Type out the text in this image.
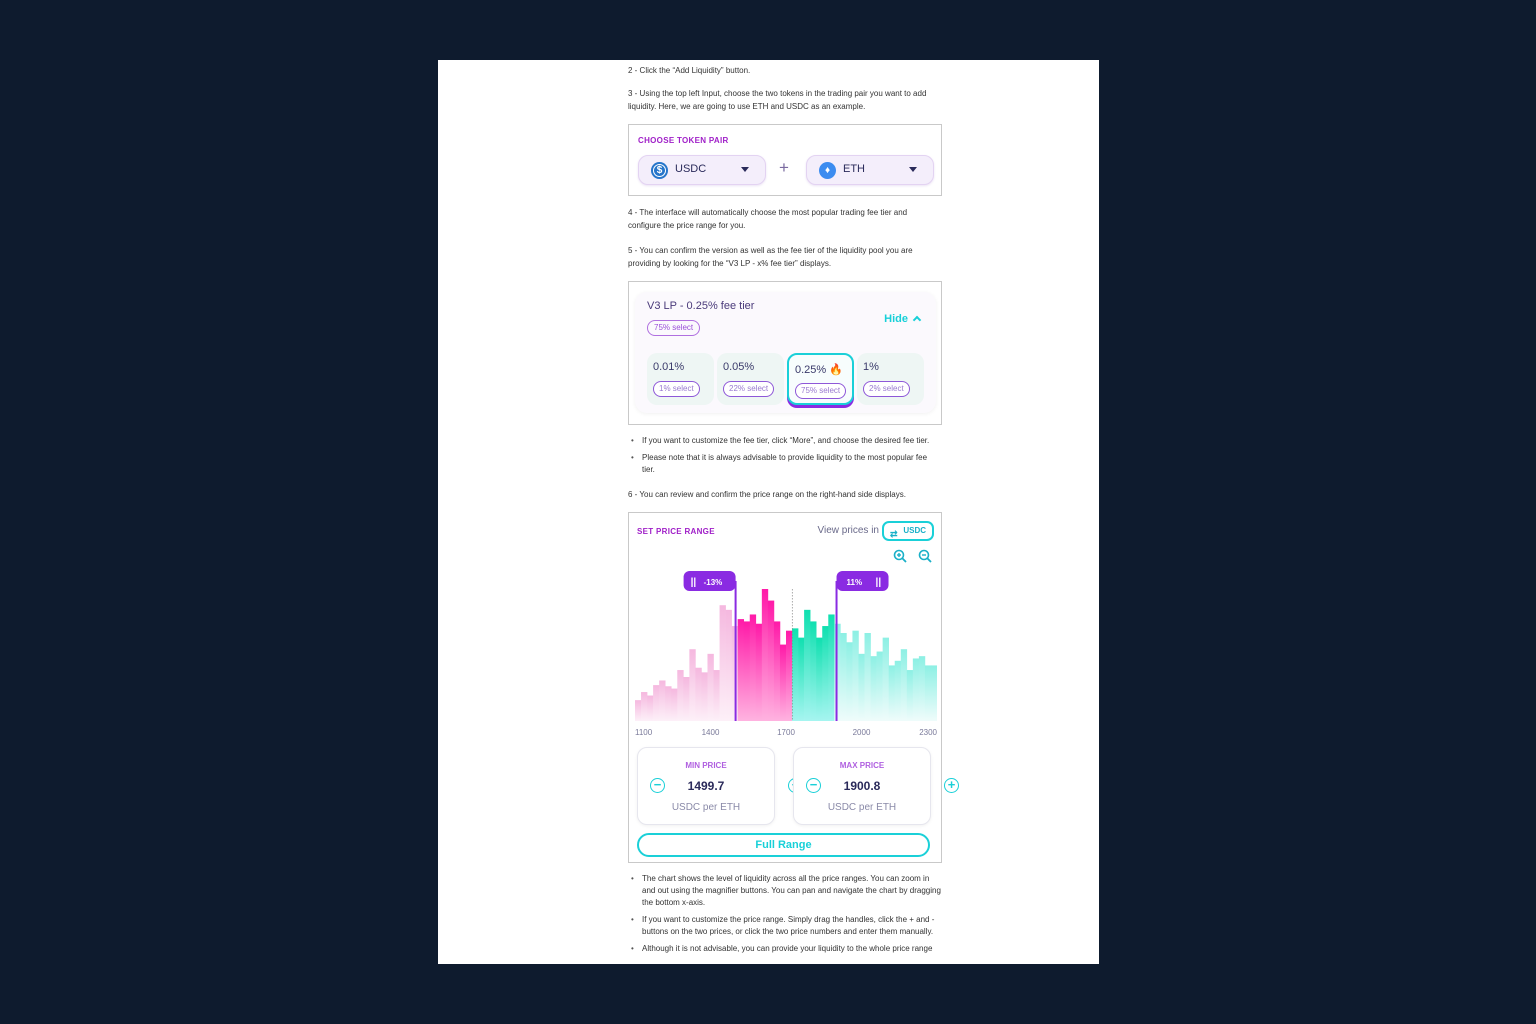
2 - Click the “Add Liquidity” button.
3 - Using the top left Input, choose the two tokens in the trading pair you want to add liquidity. Here, we are going to use ETH and USDC as an example.
CHOOSE TOKEN PAIR
$	USDC	+	♦	ETH
4 - The interface will automatically choose the most popular trading fee tier and configure the price range for you.
5 - You can confirm the version as well as the fee tier of the liquidity pool you are providing by looking for the “V3 LP - x% fee tier” displays.
V3 LP - 0.25% fee tier
75% select
Hide
0.01%
1% select
0.05%
22% select
0.25% 🔥
75% select
1%
2% select
• If you want to customize the fee tier, click “More”, and choose the desired fee tier.
• Please note that it is always advisable to provide liquidity to the most popular fee tier.
6 - You can review and confirm the price range on the right-hand side displays.
SET PRICE RANGE	View prices in ⇄ USDC
|| -13%	||
11%
1100	1400	1700	2000	2300
MIN PRICE
−	1499.7
USDC per ETH
MAX PRICE
−	1900.8	+
USDC per ETH
Full Range
• The chart shows the level of liquidity across all the price ranges. You can zoom in and out using the magnifier buttons. You can pan and navigate the chart by dragging the bottom x-axis.
• If you want to customize the price range. Simply drag the handles, click the + and - buttons on the two prices, or click the two price numbers and enter them manually.
• Although it is not advisable, you can provide your liquidity to the whole price range
